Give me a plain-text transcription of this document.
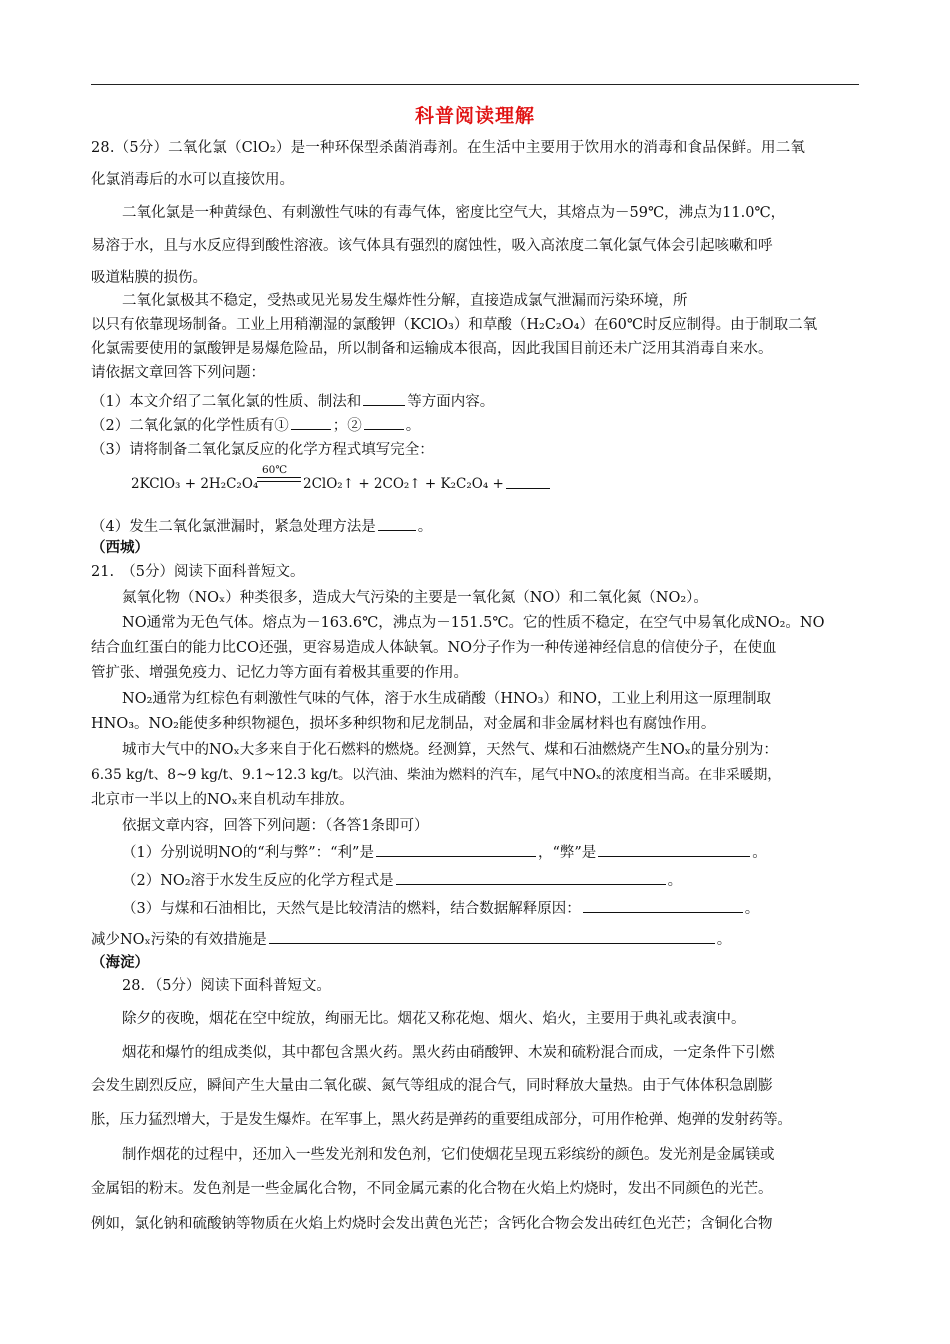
科普阅读理解
28.（5分）二氧化氯（ClO₂）是一种环保型杀菌消毒剂。在生活中主要用于饮用水的消毒和食品保鲜。用二氧
化氯消毒后的水可以直接饮用。
二氧化氯是一种黄绿色、有刺激性气味的有毒气体，密度比空气大，其熔点为－59℃，沸点为11.0℃，
易溶于水，且与水反应得到酸性溶液。该气体具有强烈的腐蚀性，吸入高浓度二氧化氯气体会引起咳嗽和呼
吸道粘膜的损伤。
二氧化氯极其不稳定，受热或见光易发生爆炸性分解，直接造成氯气泄漏而污染环境，所
以只有依靠现场制备。工业上用稍潮湿的氯酸钾（KClO₃）和草酸（H₂C₂O₄）在60℃时反应制得。由于制取二氧
化氯需要使用的氯酸钾是易爆危险品，所以制备和运输成本很高，因此我国目前还未广泛用其消毒自来水。
请依据文章回答下列问题：
（1）本文介绍了二氧化氯的性质、制法和	等方面内容。
（2）二氧化氯的化学性质有①	；②	。
（3）请将制备二氧化氯反应的化学方程式填写完全：
2KClO₃ + 2H₂C₂O₄
60℃
2ClO₂↑ + 2CO₂↑ + K₂C₂O₄ +
（4）发生二氧化氯泄漏时，紧急处理方法是	。
（西城）
21.　（5分）阅读下面科普短文。
氮氧化物（NOₓ）种类很多，造成大气污染的主要是一氧化氮（NO）和二氧化氮（NO₂）。
NO通常为无色气体。熔点为－163.6℃，沸点为－151.5℃。它的性质不稳定，在空气中易氧化成NO₂。NO
结合血红蛋白的能力比CO还强，更容易造成人体缺氧。NO分子作为一种传递神经信息的信使分子，在使血
管扩张、增强免疫力、记忆力等方面有着极其重要的作用。
NO₂通常为红棕色有刺激性气味的气体，溶于水生成硝酸（HNO₃）和NO，工业上利用这一原理制取
HNO₃。NO₂能使多种织物褪色，损坏多种织物和尼龙制品，对金属和非金属材料也有腐蚀作用。
城市大气中的NOₓ大多来自于化石燃料的燃烧。经测算，天然气、煤和石油燃烧产生NOₓ的量分别为：
6.35 kg/t、8~9 kg/t、9.1~12.3 kg/t。以汽油、柴油为燃料的汽车，尾气中NOₓ的浓度相当高。在非采暖期，
北京市一半以上的NOₓ来自机动车排放。
依据文章内容，回答下列问题：（各答1条即可）
（1）分别说明NO的“利与弊”：“利”是	，“弊”是	。
（2）NO₂溶于水发生反应的化学方程式是	。
（3）与煤和石油相比，天然气是比较清洁的燃料，结合数据解释原因：	。
减少NOₓ污染的有效措施是	。
（海淀）
28．（5分）阅读下面科普短文。
除夕的夜晚，烟花在空中绽放，绚丽无比。烟花又称花炮、烟火、焰火，主要用于典礼或表演中。
烟花和爆竹的组成类似，其中都包含黑火药。黑火药由硝酸钾、木炭和硫粉混合而成，一定条件下引燃
会发生剧烈反应，瞬间产生大量由二氧化碳、氮气等组成的混合气，同时释放大量热。由于气体体积急剧膨
胀，压力猛烈增大，于是发生爆炸。在军事上，黑火药是弹药的重要组成部分，可用作枪弹、炮弹的发射药等。
制作烟花的过程中，还加入一些发光剂和发色剂，它们使烟花呈现五彩缤纷的颜色。发光剂是金属镁或
金属铝的粉末。发色剂是一些金属化合物，不同金属元素的化合物在火焰上灼烧时，发出不同颜色的光芒。
例如，氯化钠和硫酸钠等物质在火焰上灼烧时会发出黄色光芒；含钙化合物会发出砖红色光芒；含铜化合物
